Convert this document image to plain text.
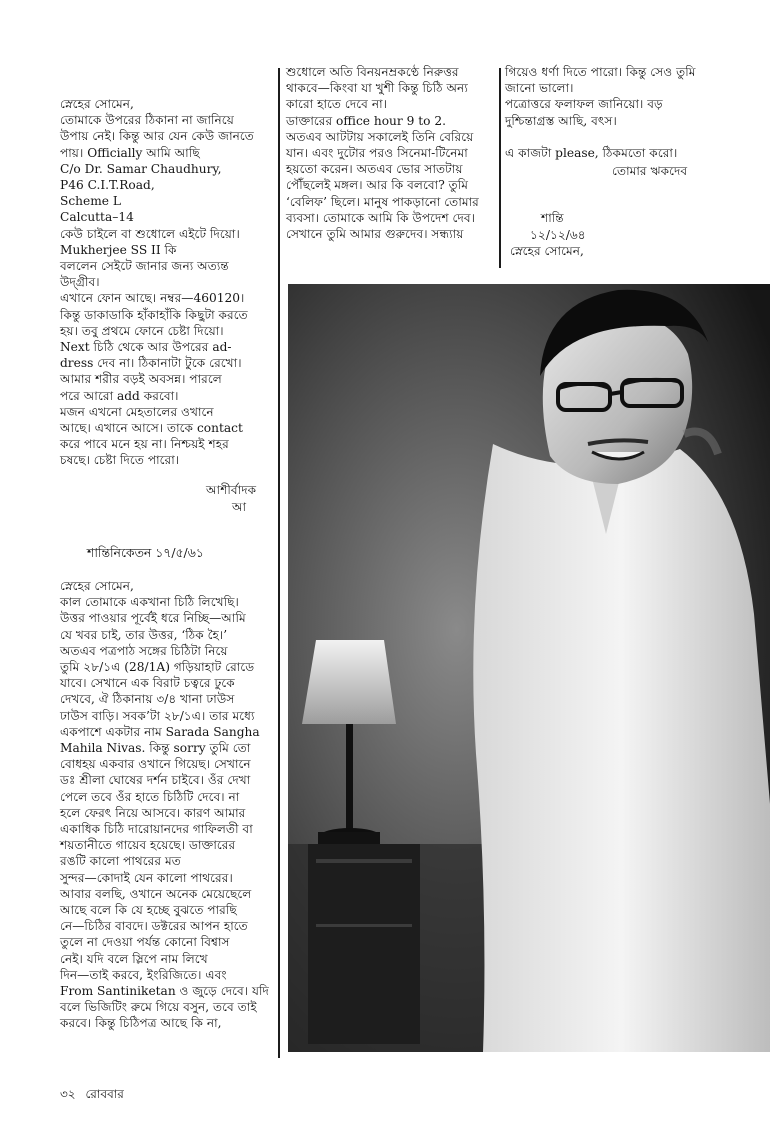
স্নেহের সোমেন,

তোমাকে উপরের ঠিকানা না জানিয়ে

উপায় নেই। কিন্তু আর যেন কেউ জানতে

পায়। Officially আমি আছি

C/o Dr. Samar Chaudhury,

P46 C.I.T.Road,

Scheme L

Calcutta–14

কেউ চাইলে বা শুধোলে এইটে দিয়ো।

Mukherjee SS II কি

বললেন সেইটে জানার জন্য অত্যন্ত

উদ্গ্রীব।

এখানে ফোন আছে। নম্বর—460120।

কিন্তু ডাকাডাকি হাঁকাহাঁকি কিছুটা করতে

হয়। তবু প্রথমে ফোনে চেষ্টা দিয়ো।

Next চিঠি থেকে আর উপরের ad-

dress দেব না। ঠিকানাটা টুকে রেখো।

আমার শরীর বড়ই অবসন্ন। পারলে

পরে আরো add করবো।

মজন এখনো মেহতালের ওখানে

আছে। এখানে আসে। তাকে contact

করে পাবে মনে হয় না। নিশ্চয়ই শহর

চষছে। চেষ্টা দিতে পারো।

আশীর্বাদক
আ
শান্তিনিকেতন ১৭/৫/৬১

স্নেহের সোমেন,

কাল তোমাকে একখানা চিঠি লিখেছি।

উত্তর পাওয়ার পূর্বেই ধরে নিচ্ছি—আমি

যে খবর চাই, তার উত্তর, ‘ঠিক হৈ।’

অতএব পত্রপাঠ সঙ্গের চিঠিটা নিয়ে

তুমি ২৮/১এ (28/1A) গড়িয়াহাট রোডে

যাবে। সেখানে এক বিরাট চত্বরে ঢুকে

দেখবে, ঐ ঠিকানায় ৩/৪ খানা ঢাউস

ঢাউস বাড়ি। সবক’টা ২৮/১এ। তার মধ্যে

একপাশে একটার নাম Sarada Sangha

Mahila Nivas. কিন্তু sorry তুমি তো

বোধহয় একবার ওখানে গিয়েছ। সেখানে

ডঃ শ্রীলা ঘোষের দর্শন চাইবে। ওঁর দেখা

পেলে তবে ওঁর হাতে চিঠিটি দেবে। না

হলে ফেরৎ নিয়ে আসবে। কারণ আমার

একাধিক চিঠি দারোয়ানদের গাফিলতী বা

শয়তানীতে গায়েব হয়েছে। ডাক্তারের

রঙটি কালো পাথরের মত

সুন্দর—কোদাই যেন কালো পাথরের।

আবার বলছি, ওখানে অনেক মেয়েছেলে

আছে বলে কি যে হচ্ছে বুঝতে পারছি

নে—চিঠির বাবদে। ডক্টরের আপন হাতে

তুলে না দেওয়া পর্যন্ত কোনো বিশ্বাস

নেই। যদি বলে স্লিপে নাম লিখে

দিন—তাই করবে, ইংরিজিতে। এবং

From Santiniketan ও জুড়ে দেবে। যদি

বলে ভিজিটিং রুমে গিয়ে বসুন, তবে তাই

করবে। কিন্তু চিঠিপত্র আছে কি না,

শুধোলে অতি বিনয়নম্রকণ্ঠে নিরুত্তর

থাকবে—কিংবা যা খুশী কিন্তু চিঠি অন্য

কারো হাতে দেবে না।

ডাক্তারের office hour 9 to 2.

অতএব আটটায় সকালেই তিনি বেরিয়ে

যান। এবং দুটোর পরও সিনেমা-টিনেমা

হয়তো করেন। অতএব ভোর সাতটায়

পৌঁছলেই মঙ্গল। আর কি বলবো? তুমি

‘বেলিফ’ ছিলে। মানুষ পাকড়ানো তোমার

ব্যবসা। তোমাকে আমি কি উপদেশ দেব।

সেখানে তুমি আমার গুরুদেব। সন্ধ্যায়

গিয়েও ধর্ণা দিতে পারো। কিন্তু সেও তুমি

জানো ভালো।

পত্রোত্তরে ফলাফল জানিয়ো। বড়

দুশ্চিন্তাগ্রস্ত আছি, বৎস।

এ কাজটা please, ঠিকমতো করো।

তোমার ঋকদেব
শান্তি
১২/১২/৬৪
স্নেহের সোমেন,
৩২ রোববার
